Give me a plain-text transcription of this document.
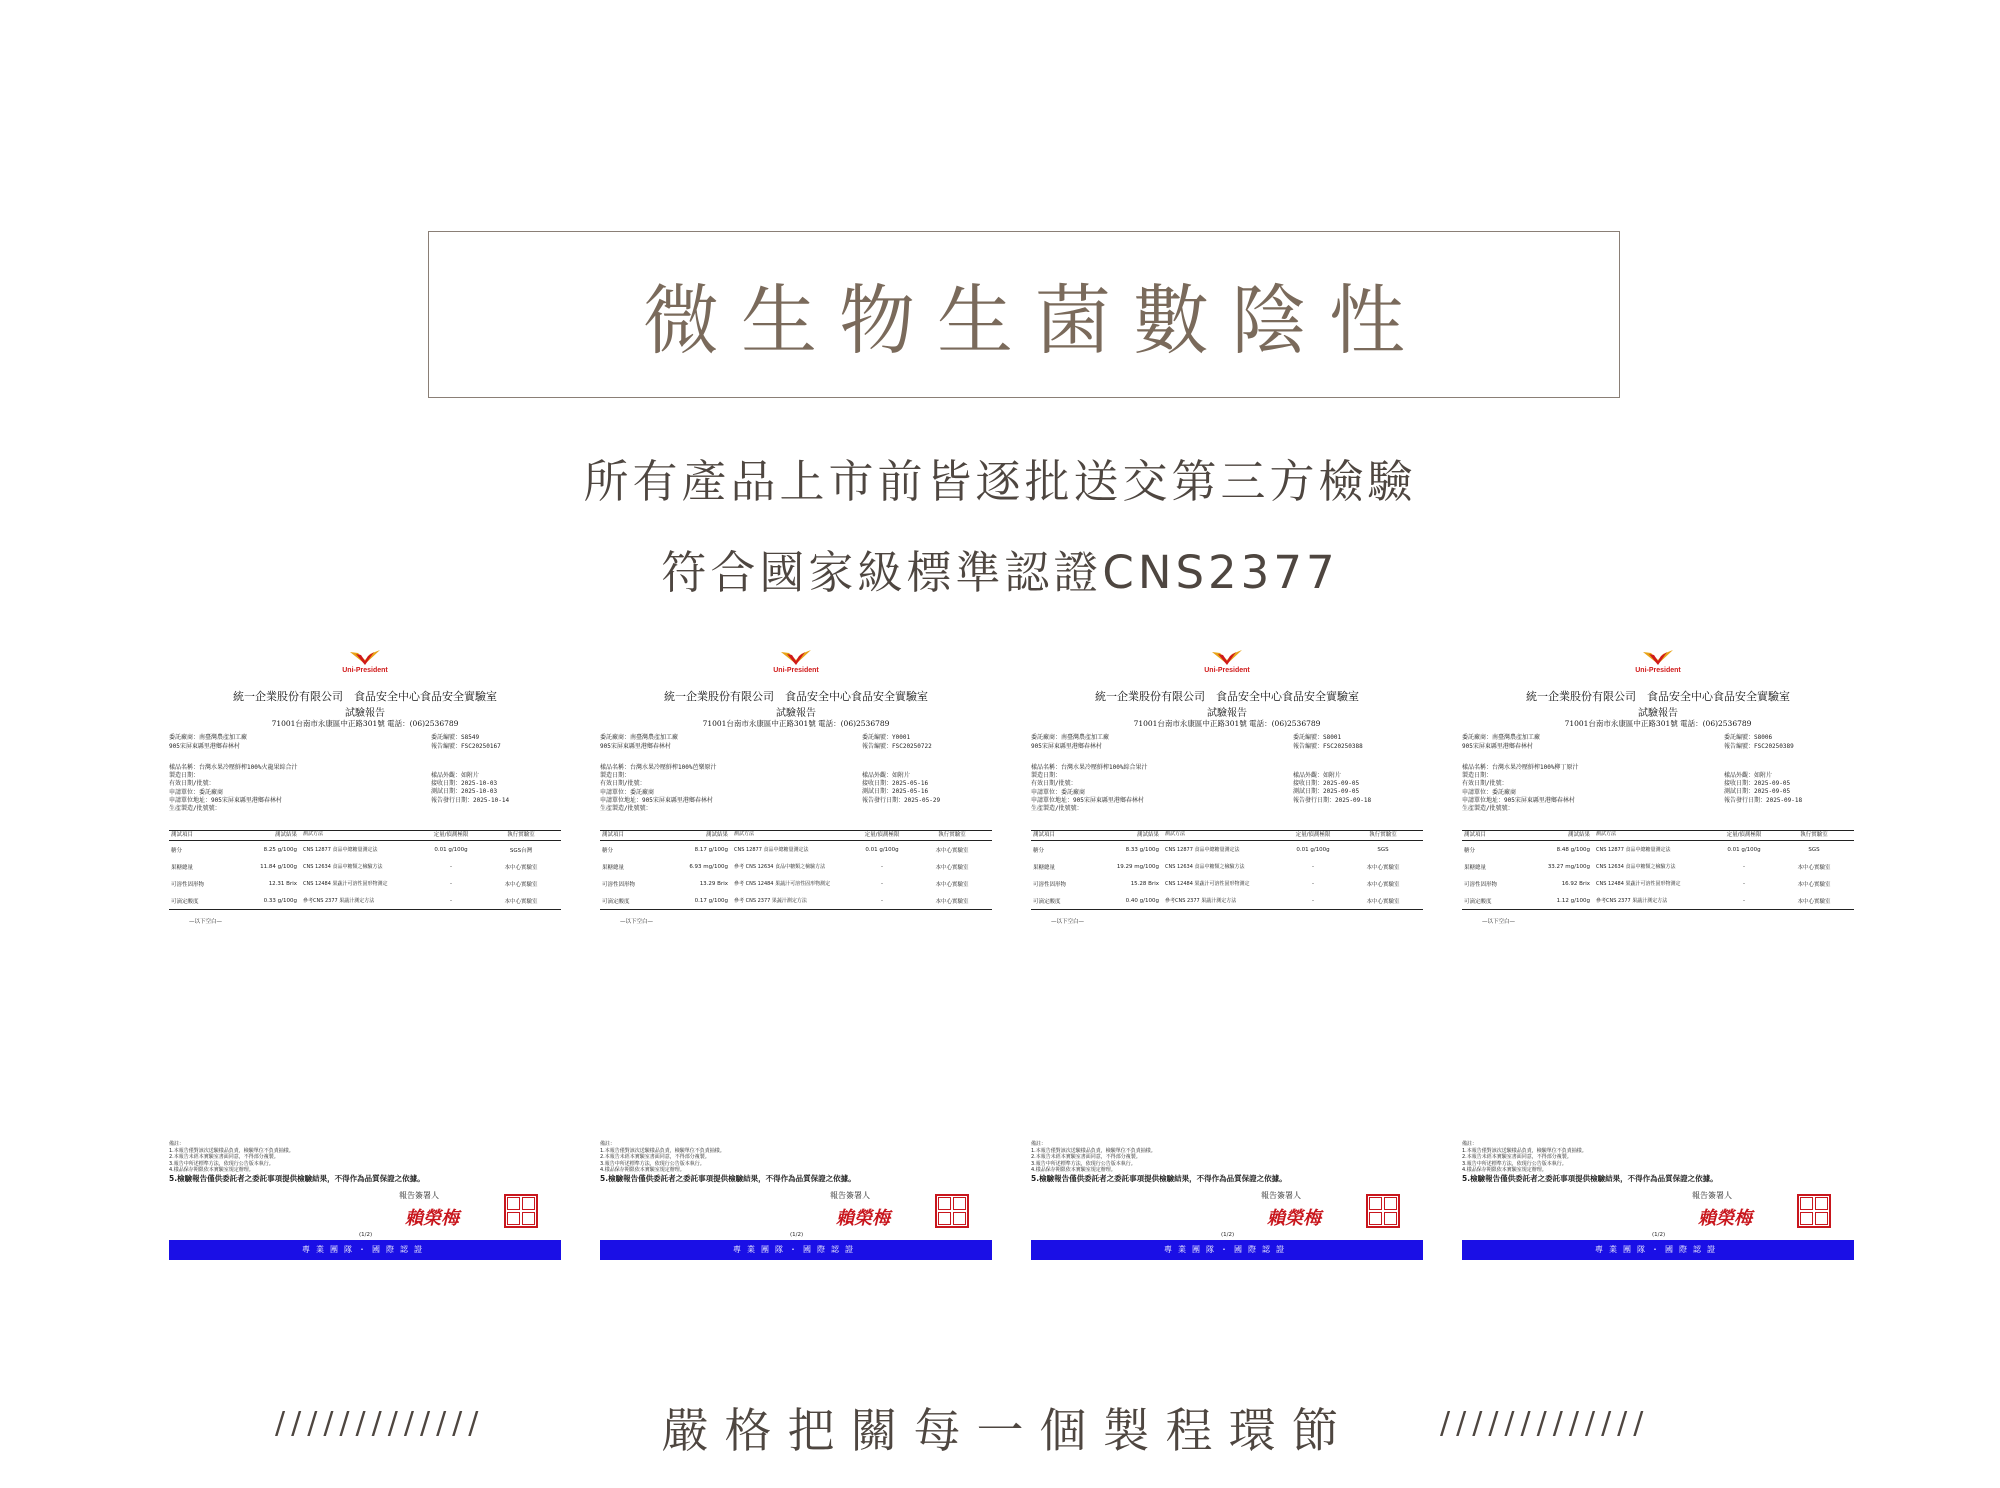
微生物生菌數陰性
所有產品上市前皆逐批送交第三方檢驗
符合國家級標準認證CNS2377
Uni-President
統一企業股份有限公司　食品安全中心食品安全實驗室
試驗報告
71001台南市永康區中正路301號 電話：(06)2536789
委託廠商：南臺灣農產加工廠
905宋屏東縣里港鄉春林村
委託編號：S8549
報告編號：FSC20250167
樣品名稱：台灣水果冷壓鮮榨100%火龍果綜合汁
製造日期：
有效日期/批號：
申請單位：委託廠商
申請單位地址：905宋屏東縣里港鄉春林村
生產製造/批號號：
樣品外觀：如附片
接收日期：2025-10-03
測試日期：2025-10-03
報告發行日期：2025-10-14
測試項目	測試結果	測試方法	定量/偵測極限	執行實驗室
糖分	8.25 g/100g	CNS 12877 食品中總糖量測定法	0.01 g/100g	SGS台灣
果糖總量	11.84 g/100g	CNS 12634 食品中糖類之檢驗方法	-	本中心實驗室
可溶性固形物	12.31 Brix	CNS 12484 果蔬汁可溶性固形物測定	-	本中心實驗室
可滴定酸度	0.33 g/100g	參考CNS 2377 果蔬汁測定方法	-	本中心實驗室
—以下空白—
備註：
1.本報告僅對該次送驗樣品負責，檢驗單位不負責抽樣。
2.本報告未經本實驗室書面同意，不得部分複製。
3.報告中所述標準方法，依現行公告版本執行。
4.樣品保存期限依本實驗室規定辦理。
5.檢驗報告僅供委託者之委託事項提供檢驗結果，不得作為品質保證之依據。
報告簽署人
賴榮梅
(1/2)
專業團隊・國際認證
Uni-President
統一企業股份有限公司　食品安全中心食品安全實驗室
試驗報告
71001台南市永康區中正路301號 電話：(06)2536789
委託廠商：南臺灣農產加工廠
905宋屏東縣里港鄉春林村
委託編號：Y0001
報告編號：FSC20250722
樣品名稱：台灣水果冷壓鮮榨100%芭樂原汁
製造日期：
有效日期/批號：
申請單位：委託廠商
申請單位地址：905宋屏東縣里港鄉春林村
生產製造/批號號：
樣品外觀：如附片
接收日期：2025-05-16
測試日期：2025-05-16
報告發行日期：2025-05-29
測試項目	測試結果	測試方法	定量/偵測極限	執行實驗室
糖分	8.17 g/100g	CNS 12877 食品中總糖量測定法	0.01 g/100g	本中心實驗室
果糖總量	6.93 mg/100g	參考 CNS 12634 食品中糖類之檢驗方法	-	本中心實驗室
可溶性固形物	13.29 Brix	參考 CNS 12484 果蔬汁可溶性固形物測定	-	本中心實驗室
可滴定酸度	0.17 g/100g	參考 CNS 2377 果蔬汁測定方法	-	本中心實驗室
—以下空白—
備註：
1.本報告僅對該次送驗樣品負責，檢驗單位不負責抽樣。
2.本報告未經本實驗室書面同意，不得部分複製。
3.報告中所述標準方法，依現行公告版本執行。
4.樣品保存期限依本實驗室規定辦理。
5.檢驗報告僅供委託者之委託事項提供檢驗結果，不得作為品質保證之依據。
報告簽署人
賴榮梅
(1/2)
專業團隊・國際認證
Uni-President
統一企業股份有限公司　食品安全中心食品安全實驗室
試驗報告
71001台南市永康區中正路301號 電話：(06)2536789
委託廠商：南臺灣農產加工廠
905宋屏東縣里港鄉春林村
委託編號：S8001
報告編號：FSC20250388
樣品名稱：台灣水果冷壓鮮榨100%綜合果汁
製造日期：
有效日期/批號：
申請單位：委託廠商
申請單位地址：905宋屏東縣里港鄉春林村
生產製造/批號號：
樣品外觀：如附片
接收日期：2025-09-05
測試日期：2025-09-05
報告發行日期：2025-09-18
測試項目	測試結果	測試方法	定量/偵測極限	執行實驗室
糖分	8.33 g/100g	CNS 12877 食品中總糖量測定法	0.01 g/100g	SGS
果糖總量	19.29 mg/100g	CNS 12634 食品中糖類之檢驗方法	-	本中心實驗室
可溶性固形物	15.28 Brix	CNS 12484 果蔬汁可溶性固形物測定	-	本中心實驗室
可滴定酸度	0.40 g/100g	參考CNS 2377 果蔬汁測定方法	-	本中心實驗室
—以下空白—
備註：
1.本報告僅對該次送驗樣品負責，檢驗單位不負責抽樣。
2.本報告未經本實驗室書面同意，不得部分複製。
3.報告中所述標準方法，依現行公告版本執行。
4.樣品保存期限依本實驗室規定辦理。
5.檢驗報告僅供委託者之委託事項提供檢驗結果，不得作為品質保證之依據。
報告簽署人
賴榮梅
(1/2)
專業團隊・國際認證
Uni-President
統一企業股份有限公司　食品安全中心食品安全實驗室
試驗報告
71001台南市永康區中正路301號 電話：(06)2536789
委託廠商：南臺灣農產加工廠
905宋屏東縣里港鄉春林村
委託編號：S8006
報告編號：FSC20250389
樣品名稱：台灣水果冷壓鮮榨100%柳丁原汁
製造日期：
有效日期/批號：
申請單位：委託廠商
申請單位地址：905宋屏東縣里港鄉春林村
生產製造/批號號：
樣品外觀：如附片
接收日期：2025-09-05
測試日期：2025-09-05
報告發行日期：2025-09-18
測試項目	測試結果	測試方法	定量/偵測極限	執行實驗室
糖分	8.48 g/100g	CNS 12877 食品中總糖量測定法	0.01 g/100g	SGS
果糖總量	33.27 mg/100g	CNS 12634 食品中糖類之檢驗方法	-	本中心實驗室
可溶性固形物	16.92 Brix	CNS 12484 果蔬汁可溶性固形物測定	-	本中心實驗室
可滴定酸度	1.12 g/100g	參考CNS 2377 果蔬汁測定方法	-	本中心實驗室
—以下空白—
備註：
1.本報告僅對該次送驗樣品負責，檢驗單位不負責抽樣。
2.本報告未經本實驗室書面同意，不得部分複製。
3.報告中所述標準方法，依現行公告版本執行。
4.樣品保存期限依本實驗室規定辦理。
5.檢驗報告僅供委託者之委託事項提供檢驗結果，不得作為品質保證之依據。
報告簽署人
賴榮梅
(1/2)
專業團隊・國際認證
/////////////	嚴格把關每一個製程環節	/////////////
